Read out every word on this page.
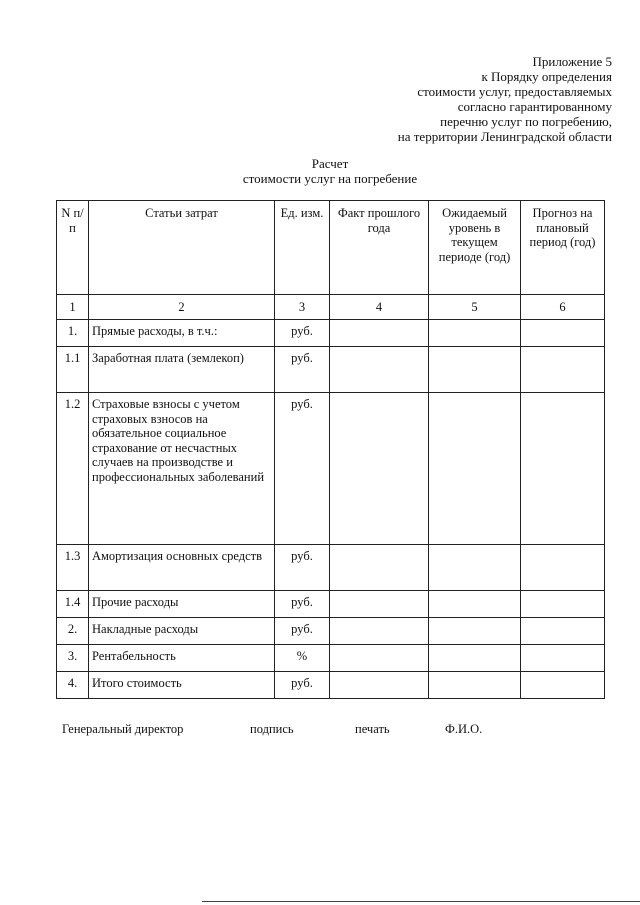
Приложение 5
к Порядку определения
стоимости услуг, предоставляемых
согласно гарантированному
перечню услуг по погребению,
на территории Ленинградской области
Расчет
стоимости услуг на погребение
N п/п	Статьи затрат	Ед. изм.	Факт прошлого года	Ожидаемый уровень в текущем периоде (год)	Прогноз на плановый период (год)
1	2	3	4	5	6
1.	Прямые расходы, в т.ч.:	руб.			
1.1	Заработная плата (землекоп)	руб.			
1.2	Страховые взносы с учетом страховых взносов на обязательное социальное страхование от несчастных случаев на производстве и профессиональных заболеваний	руб.			
1.3	Амортизация основных средств	руб.			
1.4	Прочие расходы	руб.			
2.	Накладные расходы	руб.			
3.	Рентабельность	%			
4.	Итого стоимость	руб.			
Генеральный директор	подпись	печать	Ф.И.О.
